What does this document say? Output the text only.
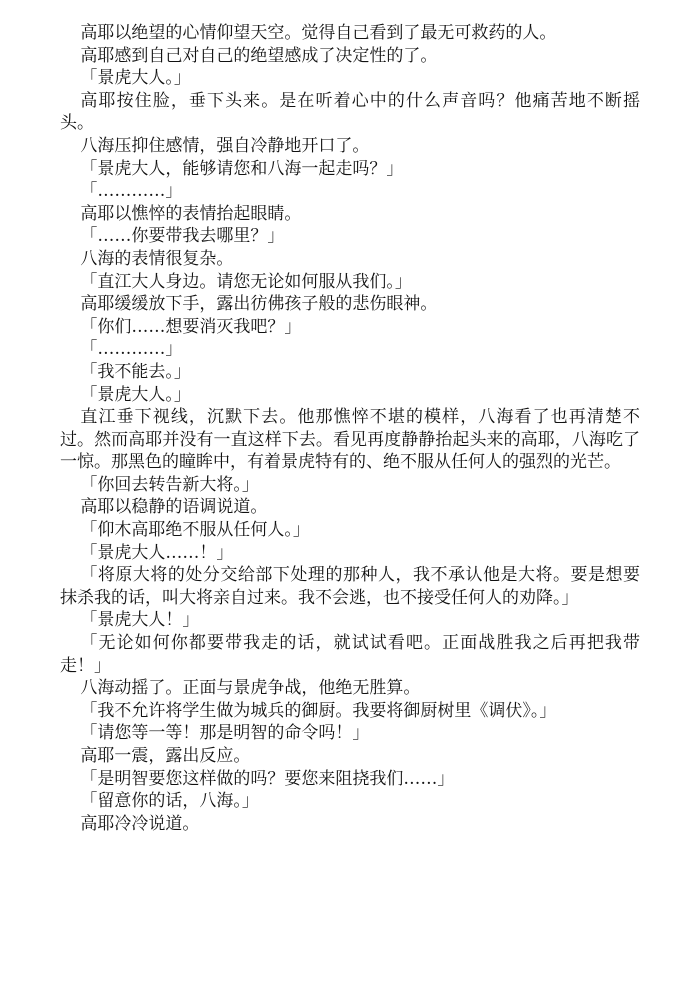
高耶以绝望的心情仰望天空。觉得自己看到了最无可救药的人。

高耶感到自己对自己的绝望感成了决定性的了。

「景虎大人。」

高耶按住脸，垂下头来。是在听着心中的什么声音吗？他痛苦地不断摇头。

八海压抑住感情，强自冷静地开口了。

「景虎大人，能够请您和八海一起走吗？」

「…………」

高耶以憔悴的表情抬起眼睛。

「……你要带我去哪里？」

八海的表情很复杂。

「直江大人身边。请您无论如何服从我们。」

高耶缓缓放下手，露出彷佛孩子般的悲伤眼神。

「你们……想要消灭我吧？」

「…………」

「我不能去。」

「景虎大人。」

直江垂下视线，沉默下去。他那憔悴不堪的模样，八海看了也再清楚不过。然而高耶并没有一直这样下去。看见再度静静抬起头来的高耶，八海吃了一惊。那黑色的瞳眸中，有着景虎特有的、绝不服从任何人的强烈的光芒。

「你回去转告新大将。」

高耶以稳静的语调说道。

「仰木高耶绝不服从任何人。」

「景虎大人……！」

「将原大将的处分交给部下处理的那种人，我不承认他是大将。要是想要抹杀我的话，叫大将亲自过来。我不会逃，也不接受任何人的劝降。」

「景虎大人！」

「无论如何你都要带我走的话，就试试看吧。正面战胜我之后再把我带走！」

八海动摇了。正面与景虎争战，他绝无胜算。

「我不允许将学生做为城兵的御厨。我要将御厨树里《调伏》。」

「请您等一等！那是明智的命令吗！」

高耶一震，露出反应。

「是明智要您这样做的吗？要您来阻挠我们……」

「留意你的话，八海。」

高耶冷冷说道。
